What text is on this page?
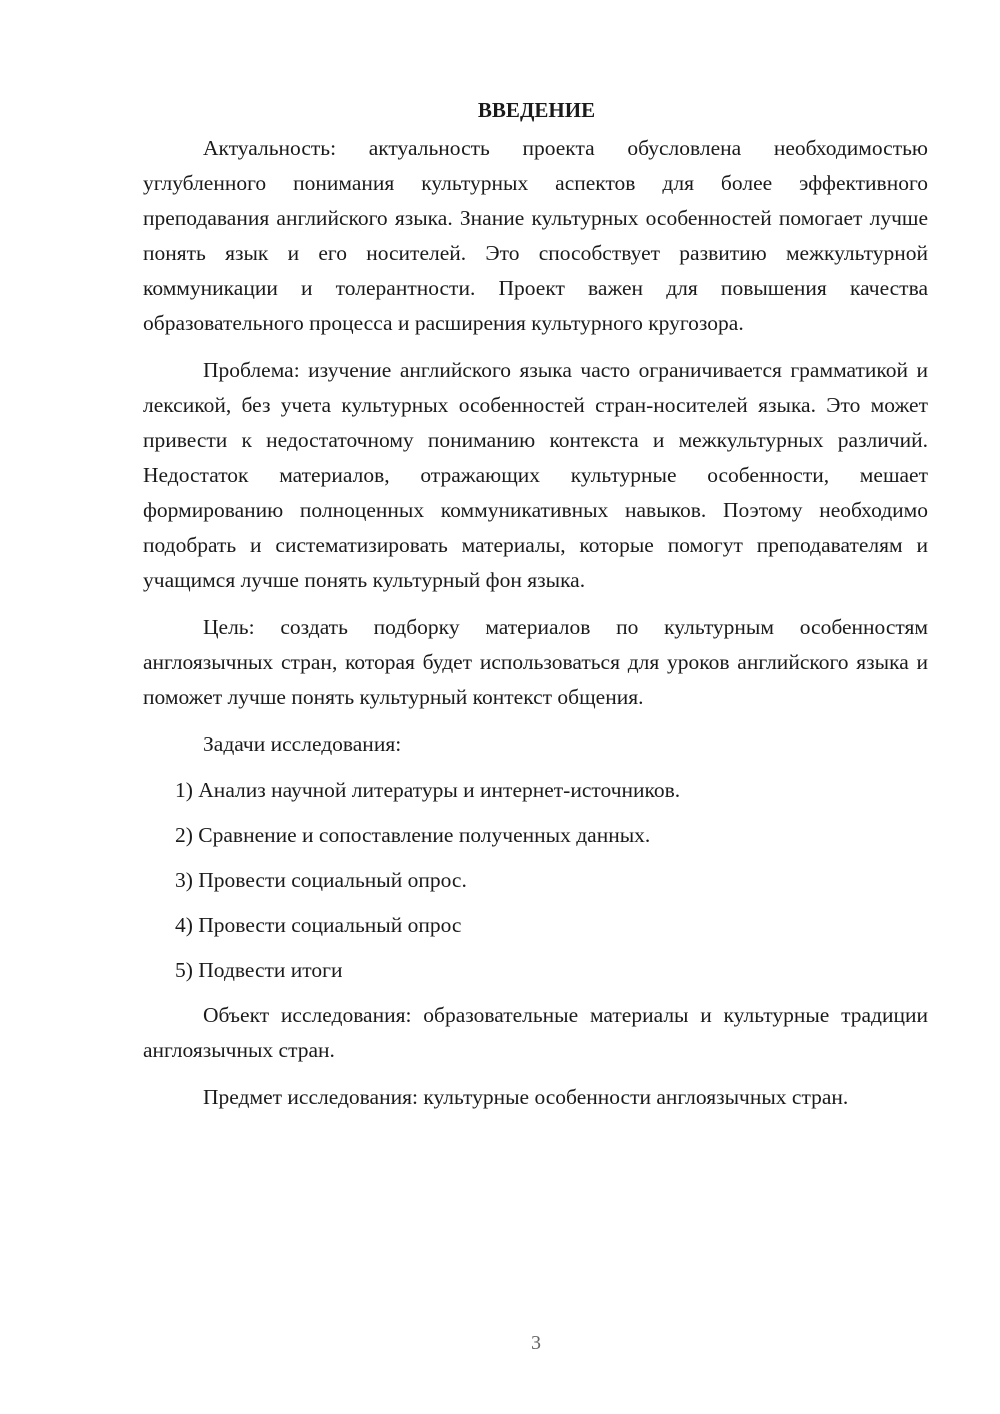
ВВЕДЕНИЕ

Актуальность: актуальность проекта обусловлена необходимостью углубленного понимания культурных аспектов для более эффективного преподавания английского языка. Знание культурных особенностей помогает лучше понять язык и его носителей. Это способствует развитию межкультурной коммуникации и толерантности. Проект важен для повышения качества образовательного процесса и расширения культурного кругозора.

Проблема: изучение английского языка часто ограничивается грамматикой и лексикой, без учета культурных особенностей стран-носителей языка. Это может привести к недостаточному пониманию контекста и межкультурных различий. Недостаток материалов, отражающих культурные особенности, мешает формированию полноценных коммуникативных навыков. Поэтому необходимо подобрать и систематизировать материалы, которые помогут преподавателям и учащимся лучше понять культурный фон языка.

Цель: создать подборку материалов по культурным особенностям англоязычных стран, которая будет использоваться для уроков английского языка и поможет лучше понять культурный контекст общения.

Задачи исследования:

1) Анализ научной литературы и интернет-источников.
2) Сравнение и сопоставление полученных данных.
3) Провести социальный опрос.
4) Провести социальный опрос
5) Подвести итоги

Объект исследования: образовательные материалы и культурные традиции англоязычных стран.

Предмет исследования: культурные особенности англоязычных стран.

3
